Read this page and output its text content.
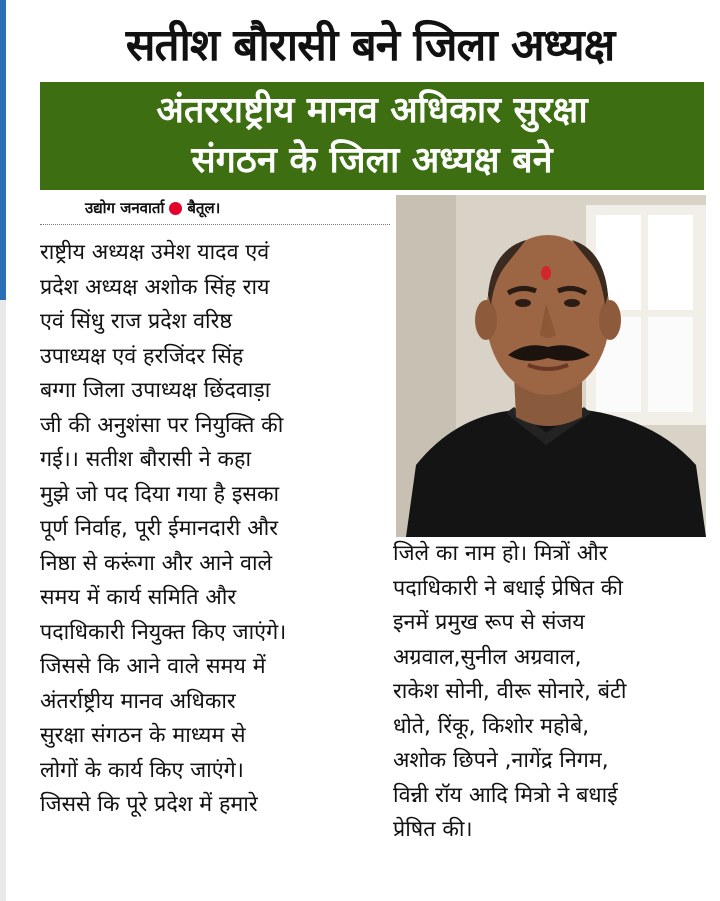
सतीश बौरासी बने जिला अध्यक्ष
अंतरराष्ट्रीय मानव अधिकार सुरक्षा
संगठन के जिला अध्यक्ष बने
उद्योग जनवार्ता बैतूल।
राष्ट्रीय अध्यक्ष उमेश यादव एवं
प्रदेश अध्यक्ष अशोक सिंह राय
एवं सिंधु राज प्रदेश वरिष्ठ
उपाध्यक्ष एवं हरजिंदर सिंह
बग्गा जिला उपाध्यक्ष छिंदवाड़ा
जी की अनुशंसा पर नियुक्ति की
गई।। सतीश बौरासी ने कहा
मुझे जो पद दिया गया है इसका
पूर्ण निर्वाह, पूरी ईमानदारी और
निष्ठा से करूंगा और आने वाले
समय में कार्य समिति और
पदाधिकारी नियुक्त किए जाएंगे।
जिससे कि आने वाले समय में
अंतर्राष्ट्रीय मानव अधिकार
सुरक्षा संगठन के माध्यम से
लोगों के कार्य किए जाएंगे।
जिससे कि पूरे प्रदेश में हमारे
जिले का नाम हो। मित्रों और
पदाधिकारी ने बधाई प्रेषित की
इनमें प्रमुख रूप से संजय
अग्रवाल,सुनील अग्रवाल,
राकेश सोनी, वीरू सोनारे, बंटी
धोते, रिंकू, किशोर महोबे,
अशोक छिपने ,नागेंद्र निगम,
विन्नी रॉय आदि मित्रो ने बधाई
प्रेषित की।
